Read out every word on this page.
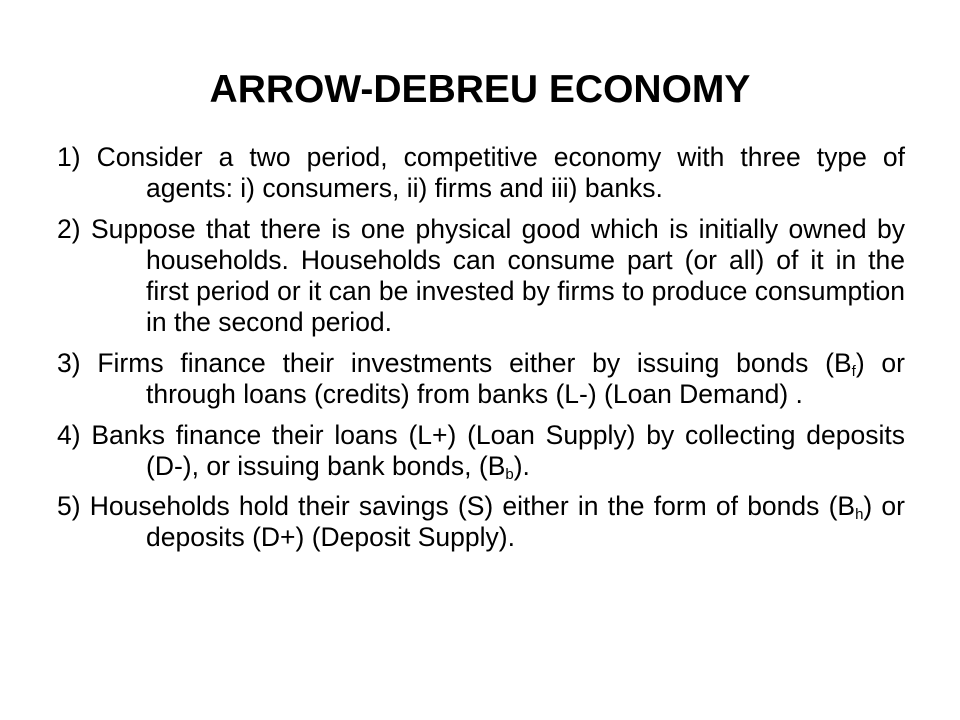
ARROW-DEBREU ECONOMY
1) Consider a two period, competitive economy with three type of agents: i) consumers, ii) firms and iii) banks.
2) Suppose that there is one physical good which is initially owned by households. Households can consume part (or all) of it in the first period or it can be invested by firms to produce consumption in the second period.
3) Firms finance their investments either by issuing bonds $(B_f)$ or through loans (credits) from banks (L-) (Loan Demand) .
4) Banks finance their loans (L+) (Loan Supply) by collecting deposits (D-), or issuing bank bonds, $(B_b)$.
5) Households hold their savings (S) either in the form of bonds $(B_h)$ or deposits (D+) (Deposit Supply).
